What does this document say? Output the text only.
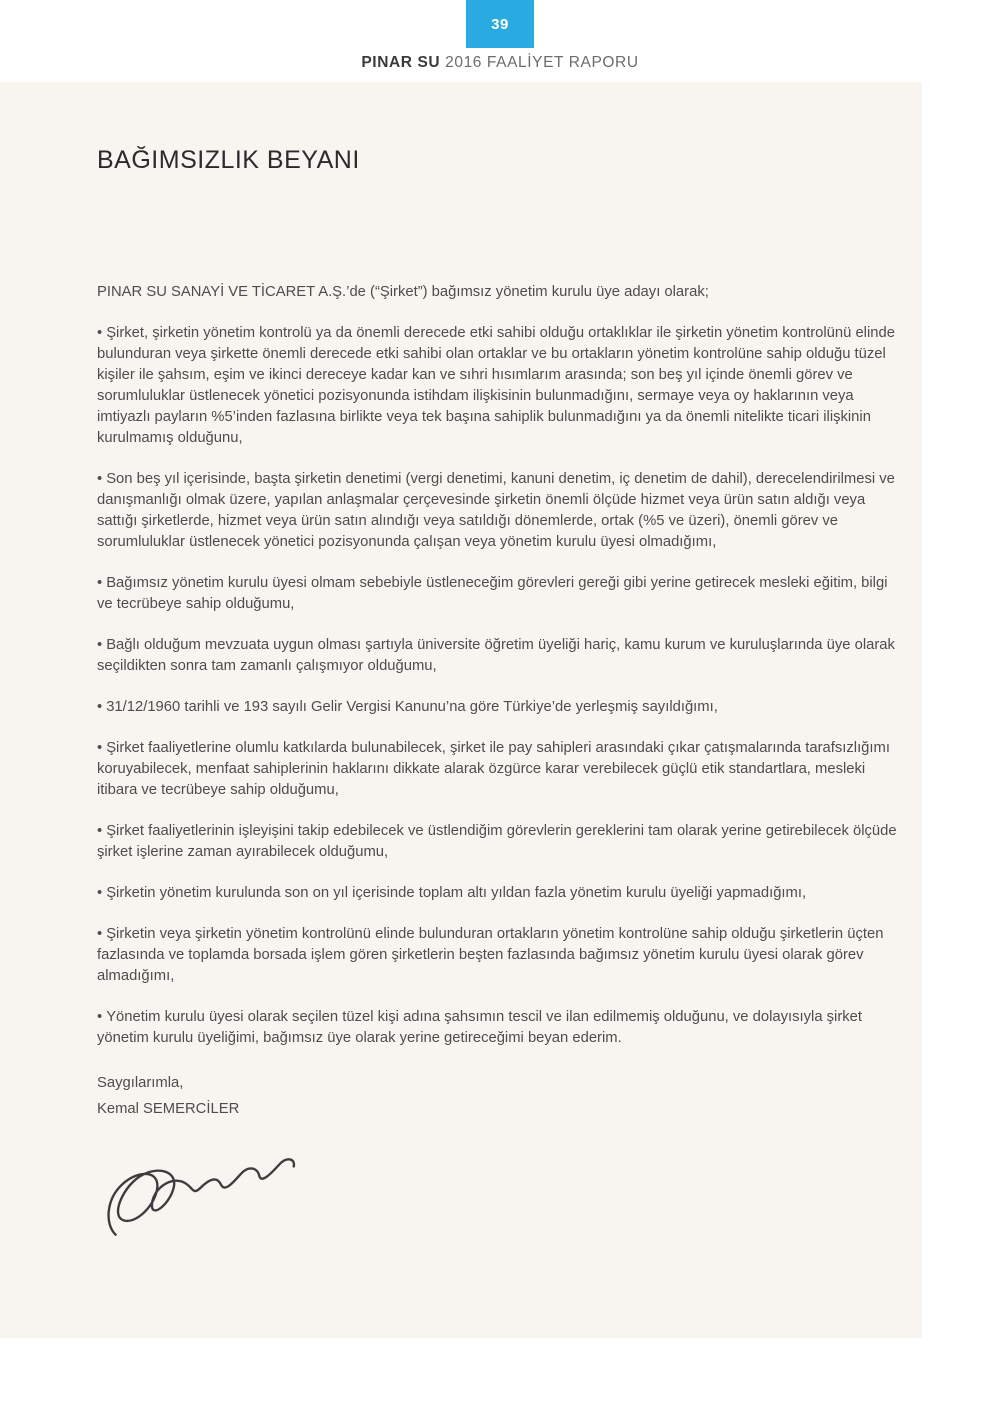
39
PINAR SU 2016 FAALİYET RAPORU
BAĞIMSIZLIK BEYANI

PINAR SU SANAYİ VE TİCARET A.Ş.’de (“Şirket”) bağımsız yönetim kurulu üye adayı olarak;

• Şirket, şirketin yönetim kontrolü ya da önemli derecede etki sahibi olduğu ortaklıklar ile şirketin yönetim kontrolünü elinde bulunduran veya şirkette önemli derecede etki sahibi olan ortaklar ve bu ortakların yönetim kontrolüne sahip olduğu tüzel kişiler ile şahsım, eşim ve ikinci dereceye kadar kan ve sıhri hısımlarım arasında; son beş yıl içinde önemli görev ve sorumluluklar üstlenecek yönetici pozisyonunda istihdam ilişkisinin bulunmadığını, sermaye veya oy haklarının veya imtiyazlı payların %5’inden fazlasına birlikte veya tek başına sahiplik bulunmadığını ya da önemli nitelikte ticari ilişkinin kurulmamış olduğunu,

• Son beş yıl içerisinde, başta şirketin denetimi (vergi denetimi, kanuni denetim, iç denetim de dahil), derecelendirilmesi ve danışmanlığı olmak üzere, yapılan anlaşmalar çerçevesinde şirketin önemli ölçüde hizmet veya ürün satın aldığı veya sattığı şirketlerde, hizmet veya ürün satın alındığı veya satıldığı dönemlerde, ortak (%5 ve üzeri), önemli görev ve sorumluluklar üstlenecek yönetici pozisyonunda çalışan veya yönetim kurulu üyesi olmadığımı,

• Bağımsız yönetim kurulu üyesi olmam sebebiyle üstleneceğim görevleri gereği gibi yerine getirecek mesleki eğitim, bilgi ve tecrübeye sahip olduğumu,

• Bağlı olduğum mevzuata uygun olması şartıyla üniversite öğretim üyeliği hariç, kamu kurum ve kuruluşlarında üye olarak seçildikten sonra tam zamanlı çalışmıyor olduğumu,

• 31/12/1960 tarihli ve 193 sayılı Gelir Vergisi Kanunu’na göre Türkiye’de yerleşmiş sayıldığımı,

• Şirket faaliyetlerine olumlu katkılarda bulunabilecek, şirket ile pay sahipleri arasındaki çıkar çatışmalarında tarafsızlığımı koruyabilecek, menfaat sahiplerinin haklarını dikkate alarak özgürce karar verebilecek güçlü etik standartlara, mesleki itibara ve tecrübeye sahip olduğumu,

• Şirket faaliyetlerinin işleyişini takip edebilecek ve üstlendiğim görevlerin gereklerini tam olarak yerine getirebilecek ölçüde şirket işlerine zaman ayırabilecek olduğumu,

• Şirketin yönetim kurulunda son on yıl içerisinde toplam altı yıldan fazla yönetim kurulu üyeliği yapmadığımı,

• Şirketin veya şirketin yönetim kontrolünü elinde bulunduran ortakların yönetim kontrolüne sahip olduğu şirketlerin üçten fazlasında ve toplamda borsada işlem gören şirketlerin beşten fazlasında bağımsız yönetim kurulu üyesi olarak görev almadığımı,

• Yönetim kurulu üyesi olarak seçilen tüzel kişi adına şahsımın tescil ve ilan edilmemiş olduğunu, ve dolayısıyla şirket yönetim kurulu üyeliğimi, bağımsız üye olarak yerine getireceğimi beyan ederim.

Saygılarımla,
Kemal SEMERCİLER
